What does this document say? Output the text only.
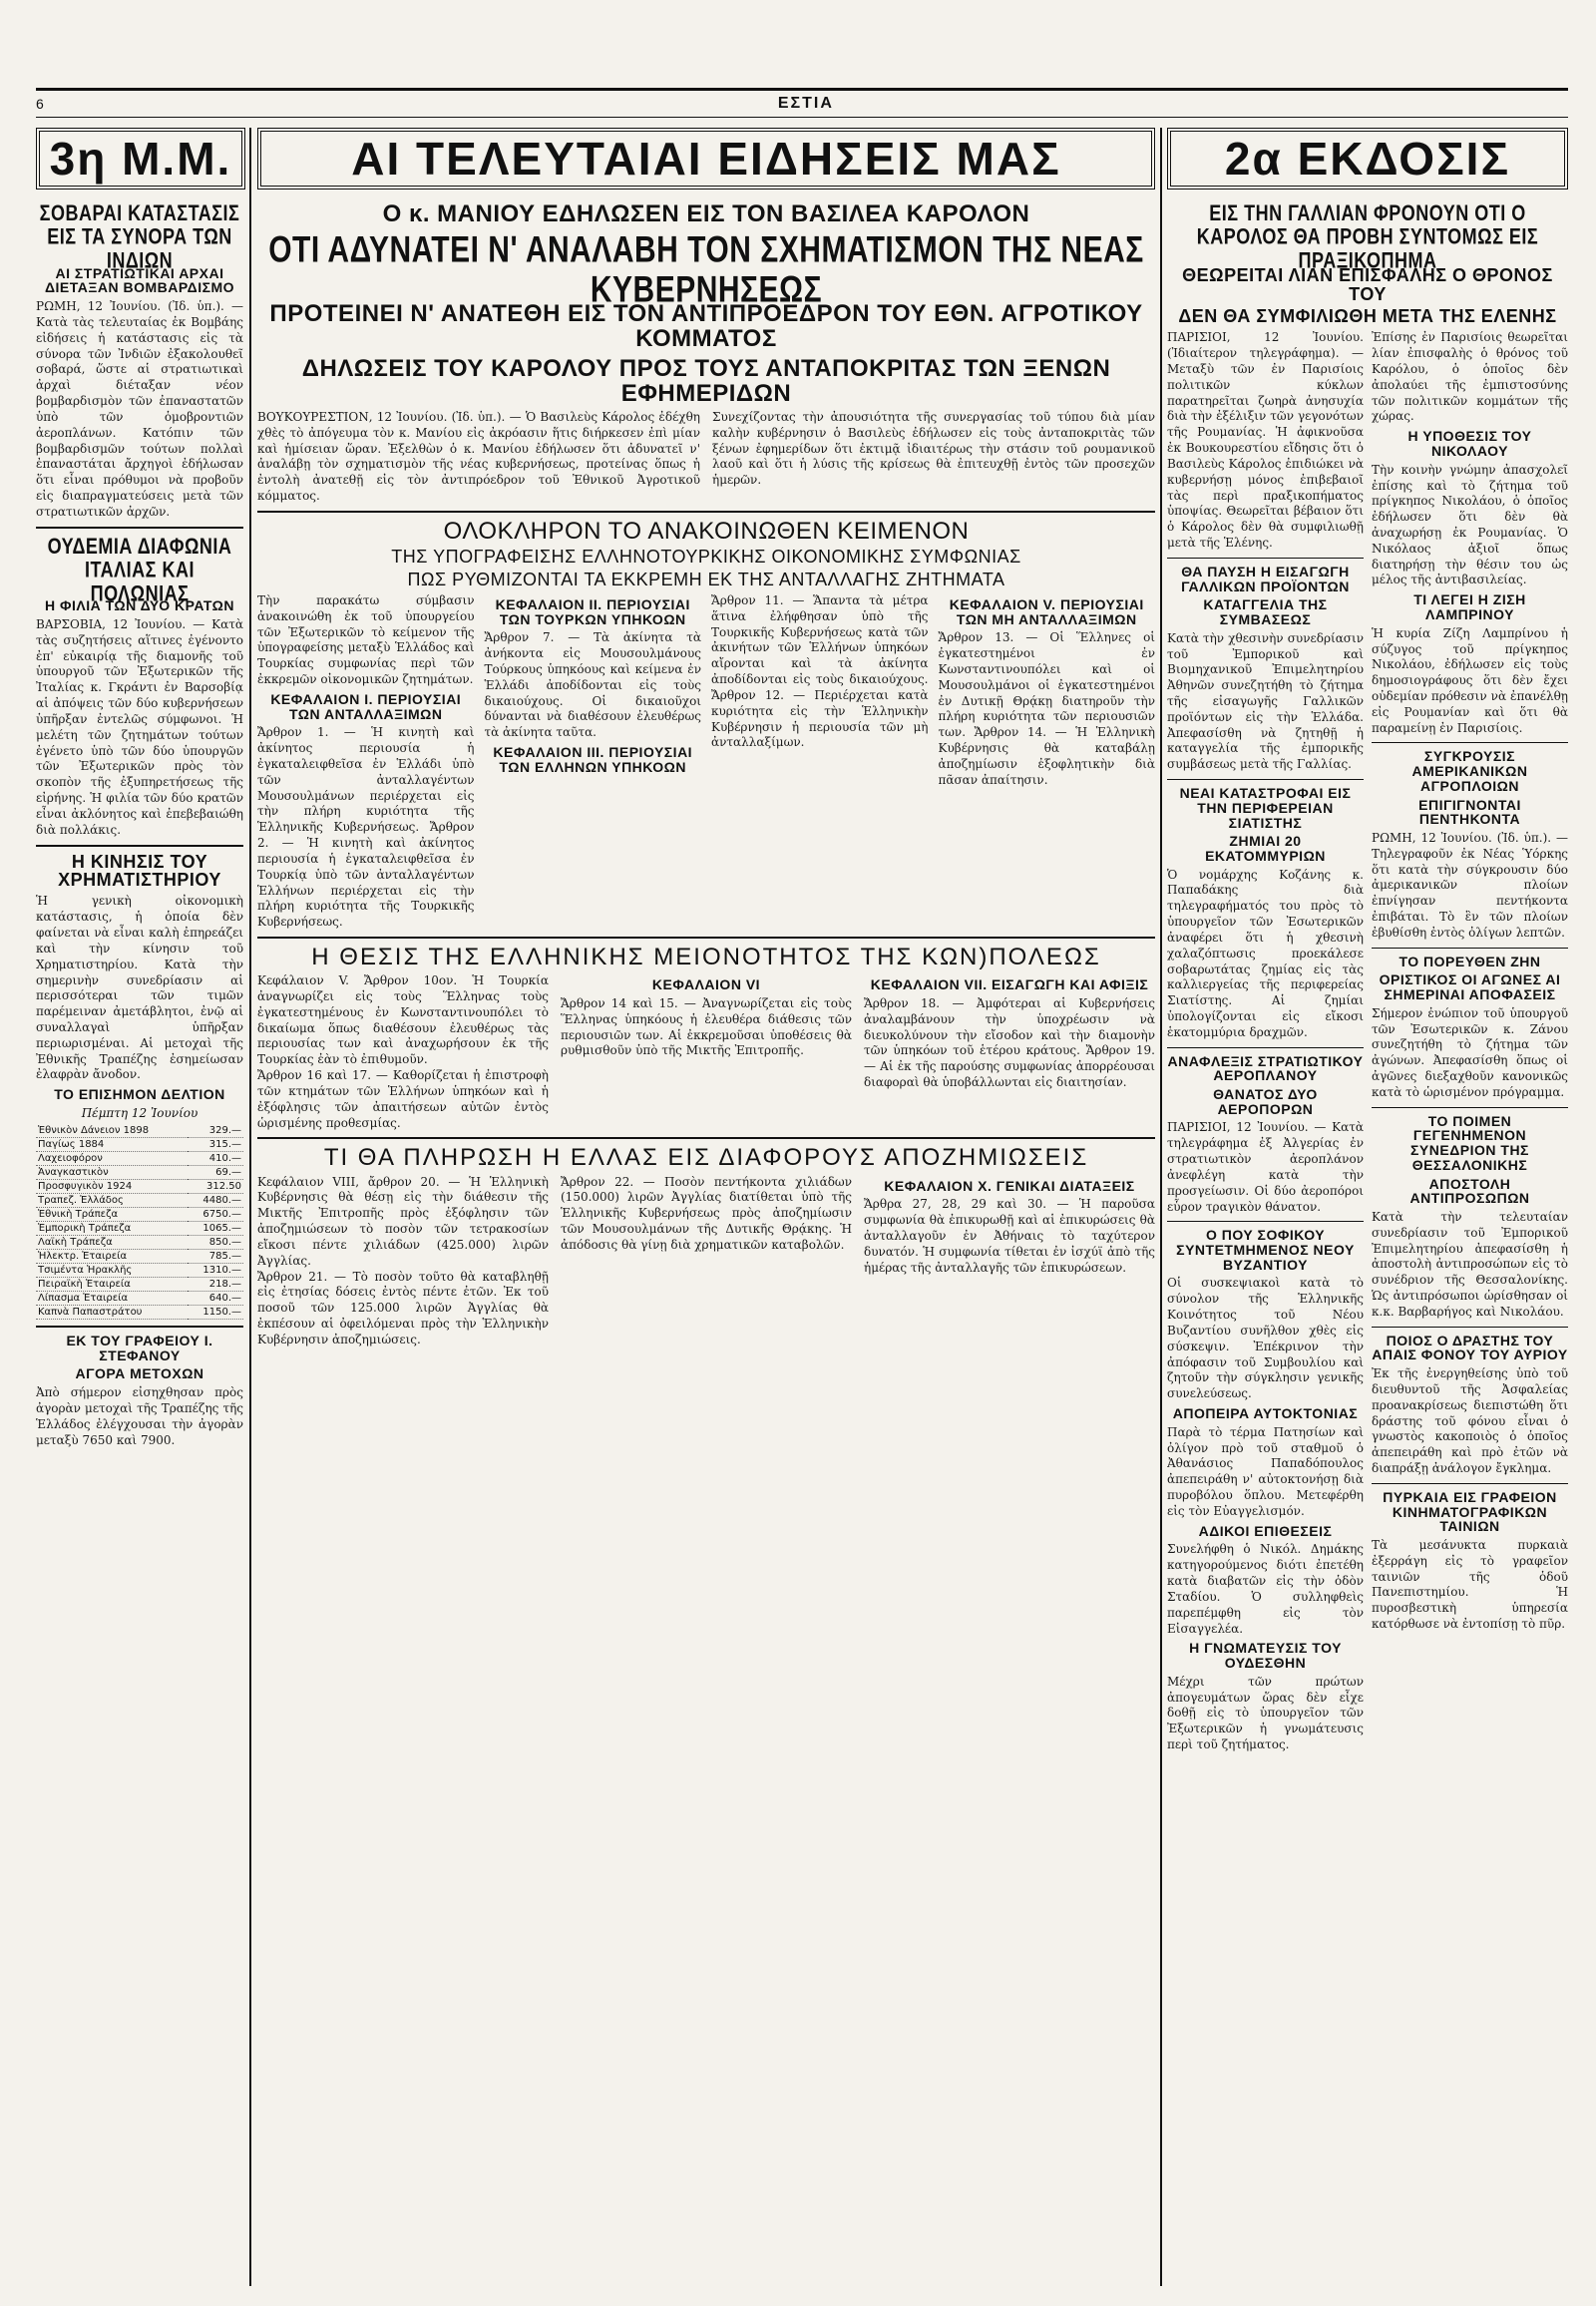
6	ΕΣΤΙΑ
3η Μ.Μ.	ΑΙ ΤΕΛΕΥΤΑΙΑΙ ΕΙΔΗΣΕΙΣ ΜΑΣ	2α ΕΚΔΟΣΙΣ
ΣΟΒΑΡΑΙ ΚΑΤΑΣΤΑΣΙΣ ΕΙΣ ΤΑ ΣΥΝΟΡΑ ΤΩΝ ΙΝΔΙΩΝ
ΑΙ ΣΤΡΑΤΙΩΤΙΚΑΙ ΑΡΧΑΙ ΔΙΕΤΑΞΑΝ ΒΟΜΒΑΡΔΙΣΜΟ

ΡΩΜΗ, 12 Ἰουνίου. (Ἰδ. ὑπ.). — Κατὰ τὰς τελευταίας ἐκ Βομβάης εἰδήσεις ἡ κατάστασις εἰς τὰ σύνορα τῶν Ἰνδιῶν ἐξακολουθεῖ σοβαρά, ὥστε αἱ στρατιωτικαὶ ἀρχαὶ διέταξαν νέον βομβαρδισμὸν τῶν ἐπαναστατῶν ὑπὸ τῶν ὁμοβροντιῶν ἀεροπλάνων. Κατόπιν τῶν βομβαρδισμῶν τούτων πολλαὶ ἐπαναστάται ἄρχηγοὶ ἐδήλωσαν ὅτι εἶναι πρόθυμοι νὰ προβοῦν εἰς διαπραγματεύσεις μετὰ τῶν στρατιωτικῶν ἀρχῶν.

ΟΥΔΕΜΙΑ ΔΙΑΦΩΝΙΑ ΙΤΑΛΙΑΣ ΚΑΙ ΠΟΛΩΝΙΑΣ
Η ΦΙΛΙΑ ΤΩΝ ΔΥΟ ΚΡΑΤΩΝ

ΒΑΡΣΟΒΙΑ, 12 Ἰουνίου. — Κατὰ τὰς συζητήσεις αἵτινες ἐγένοντο ἐπ' εὐκαιρίᾳ τῆς διαμονῆς τοῦ ὑπουργοῦ τῶν Ἐξωτερικῶν τῆς Ἰταλίας κ. Γκράντι ἐν Βαρσοβίᾳ αἱ ἀπόψεις τῶν δύο κυβερνήσεων ὑπῆρξαν ἐντελῶς σύμφωνοι. Ἡ μελέτη τῶν ζητημάτων τούτων ἐγένετο ὑπὸ τῶν δύο ὑπουργῶν τῶν Ἐξωτερικῶν πρὸς τὸν σκοπὸν τῆς ἐξυπηρετήσεως τῆς εἰρήνης. Ἡ φιλία τῶν δύο κρατῶν εἶναι ἀκλόνητος καὶ ἐπεβεβαιώθη διὰ πολλάκις.

Η ΚΙΝΗΣΙΣ ΤΟΥ ΧΡΗΜΑΤΙΣΤΗΡΙΟΥ

Ἡ γενικὴ οἰκονομικὴ κατάστασις, ἡ ὁποία δὲν φαίνεται νὰ εἶναι καλὴ ἐπηρεάζει καὶ τὴν κίνησιν τοῦ Χρηματιστηρίου. Κατὰ τὴν σημερινὴν συνεδρίασιν αἱ περισσότεραι τῶν τιμῶν παρέμειναν ἀμετάβλητοι, ἐνῷ αἱ συναλλαγαὶ ὑπῆρξαν περιωρισμέναι. Αἱ μετοχαὶ τῆς Ἐθνικῆς Τραπέζης ἐσημείωσαν ἐλαφρὰν ἄνοδον.

ΤΟ ΕΠΙΣΗΜΟΝ ΔΕΛΤΙΟΝ
Πέμπτη 12 Ἰουνίου
Ἐθνικὸν Δάνειον 1898	329.—
Παγίως 1884	315.—
Λαχειοφόρον	410.—
Ἀναγκαστικὸν	69.—
Προσφυγικὸν 1924	312.50
Τραπεζ. Ἑλλάδος	4480.—
Ἐθνικὴ Τράπεζα	6750.—
Ἐμπορικὴ Τράπεζα	1065.—
Λαϊκὴ Τράπεζα	850.—
Ἠλεκτρ. Ἑταιρεία	785.—
Τσιμέντα Ἡρακλῆς	1310.—
Πειραϊκὴ Ἑταιρεία	218.—
Λίπασμα Ἑταιρεία	640.—
Καπνὰ Παπαστράτου	1150.—
ΕΚ ΤΟΥ ΓΡΑΦΕΙΟΥ Ι. ΣΤΕΦΑΝΟΥ
ΑΓΟΡΑ ΜΕΤΟΧΩΝ

Ἀπὸ σήμερον εἰσηχθησαν πρὸς ἀγορὰν μετοχαὶ τῆς Τραπέζης τῆς Ἑλλάδος ἐλέγχουσαι τὴν ἀγορὰν μεταξὺ 7650 καὶ 7900.

Ο κ. ΜΑΝΙΟΥ ΕΔΗΛΩΣΕΝ ΕΙΣ ΤΟΝ ΒΑΣΙΛΕΑ ΚΑΡΟΛΟΝ
ΟΤΙ ΑΔΥΝΑΤΕΙ Ν' ΑΝΑΛΑΒΗ ΤΟΝ ΣΧΗΜΑΤΙΣΜΟΝ ΤΗΣ ΝΕΑΣ ΚΥΒΕΡΝΗΣΕΩΣ
ΠΡΟΤΕΙΝΕΙ Ν' ΑΝΑΤΕΘΗ ΕΙΣ ΤΟΝ ΑΝΤΙΠΡΟΕΔΡΟΝ ΤΟΥ ΕΘΝ. ΑΓΡΟΤΙΚΟΥ ΚΟΜΜΑΤΟΣ
ΔΗΛΩΣΕΙΣ ΤΟΥ ΚΑΡΟΛΟΥ ΠΡΟΣ ΤΟΥΣ ΑΝΤΑΠΟΚΡΙΤΑΣ ΤΩΝ ΞΕΝΩΝ ΕΦΗΜΕΡΙΔΩΝ

ΒΟΥΚΟΥΡΕΣΤΙΟΝ, 12 Ἰουνίου. (Ἰδ. ὑπ.). — Ὁ Βασιλεὺς Κάρολος ἐδέχθη χθὲς τὸ ἀπόγευμα τὸν κ. Μανίου εἰς ἀκρόασιν ἥτις διήρκεσεν ἐπὶ μίαν καὶ ἡμίσειαν ὥραν. Ἐξελθὼν ὁ κ. Μανίου ἐδήλωσεν ὅτι ἀδυνατεῖ ν' ἀναλάβῃ τὸν σχηματισμὸν τῆς νέας κυβερνήσεως, προτείνας ὅπως ἡ ἐντολὴ ἀνατεθῇ εἰς τὸν ἀντιπρόεδρον τοῦ Ἐθνικοῦ Ἀγροτικοῦ κόμματος.

Συνεχίζοντας τὴν ἀπουσιότητα τῆς συνεργασίας τοῦ τύπου διὰ μίαν καλὴν κυβέρνησιν ὁ Βασιλεὺς ἐδήλωσεν εἰς τοὺς ἀνταποκριτὰς τῶν ξένων ἐφημερίδων ὅτι ἐκτιμᾷ ἰδιαιτέρως τὴν στάσιν τοῦ ρουμανικοῦ λαοῦ καὶ ὅτι ἡ λύσις τῆς κρίσεως θὰ ἐπιτευχθῇ ἐντὸς τῶν προσεχῶν ἡμερῶν.

ΟΛΟΚΛΗΡΟΝ ΤΟ ΑΝΑΚΟΙΝΩΘΕΝ ΚΕΙΜΕΝΟΝ
ΤΗΣ ΥΠΟΓΡΑΦΕΙΣΗΣ ΕΛΛΗΝΟΤΟΥΡΚΙΚΗΣ ΟΙΚΟΝΟΜΙΚΗΣ ΣΥΜΦΩΝΙΑΣ
ΠΩΣ ΡΥΘΜΙΖΟΝΤΑΙ ΤΑ ΕΚΚΡΕΜΗ ΕΚ ΤΗΣ ΑΝΤΑΛΛΑΓΗΣ ΖΗΤΗΜΑΤΑ

Τὴν παρακάτω σύμβασιν ἀνακοινώθη ἐκ τοῦ ὑπουργείου τῶν Ἐξωτερικῶν τὸ κείμενον τῆς ὑπογραφείσης μεταξὺ Ἑλλάδος καὶ Τουρκίας συμφωνίας περὶ τῶν ἐκκρεμῶν οἰκονομικῶν ζητημάτων.

ΚΕΦΑΛΑΙΟΝ Ι. ΠΕΡΙΟΥΣΙΑΙ ΤΩΝ ΑΝΤΑΛΛΑΞΙΜΩΝ

Ἄρθρον 1. — Ἡ κινητὴ καὶ ἀκίνητος περιουσία ἡ ἐγκαταλειφθεῖσα ἐν Ἑλλάδι ὑπὸ τῶν ἀνταλλαγέντων Μουσουλμάνων περιέρχεται εἰς τὴν πλήρη κυριότητα τῆς Ἑλληνικῆς Κυβερνήσεως. Ἄρθρον 2. — Ἡ κινητὴ καὶ ἀκίνητος περιουσία ἡ ἐγκαταλειφθεῖσα ἐν Τουρκίᾳ ὑπὸ τῶν ἀνταλλαγέντων Ἑλλήνων περιέρχεται εἰς τὴν πλήρη κυριότητα τῆς Τουρκικῆς Κυβερνήσεως.

ΚΕΦΑΛΑΙΟΝ ΙΙ. ΠΕΡΙΟΥΣΙΑΙ ΤΩΝ ΤΟΥΡΚΩΝ ΥΠΗΚΟΩΝ

Ἄρθρον 7. — Τὰ ἀκίνητα τὰ ἀνήκοντα εἰς Μουσουλμάνους Τούρκους ὑπηκόους καὶ κείμενα ἐν Ἑλλάδι ἀποδίδονται εἰς τοὺς δικαιούχους. Οἱ δικαιοῦχοι δύνανται νὰ διαθέσουν ἐλευθέρως τὰ ἀκίνητα ταῦτα.

ΚΕΦΑΛΑΙΟΝ ΙΙΙ. ΠΕΡΙΟΥΣΙΑΙ ΤΩΝ ΕΛΛΗΝΩΝ ΥΠΗΚΟΩΝ

Ἄρθρον 11. — Ἅπαντα τὰ μέτρα ἅτινα ἐλήφθησαν ὑπὸ τῆς Τουρκικῆς Κυβερνήσεως κατὰ τῶν ἀκινήτων τῶν Ἑλλήνων ὑπηκόων αἴρονται καὶ τὰ ἀκίνητα ἀποδίδονται εἰς τοὺς δικαιούχους. Ἄρθρον 12. — Περιέρχεται κατὰ κυριότητα εἰς τὴν Ἑλληνικὴν Κυβέρνησιν ἡ περιουσία τῶν μὴ ἀνταλλαξίμων.

ΚΕΦΑΛΑΙΟΝ V. ΠΕΡΙΟΥΣΙΑΙ ΤΩΝ ΜΗ ΑΝΤΑΛΛΑΞΙΜΩΝ

Ἄρθρον 13. — Οἱ Ἕλληνες οἱ ἐγκατεστημένοι ἐν Κωνσταντινουπόλει καὶ οἱ Μουσουλμάνοι οἱ ἐγκατεστημένοι ἐν Δυτικῇ Θρᾴκῃ διατηροῦν τὴν πλήρη κυριότητα τῶν περιουσιῶν των. Ἄρθρον 14. — Ἡ Ἑλληνικὴ Κυβέρνησις θὰ καταβάλῃ ἀποζημίωσιν ἐξοφλητικὴν διὰ πᾶσαν ἀπαίτησιν.

Η ΘΕΣΙΣ ΤΗΣ ΕΛΛΗΝΙΚΗΣ ΜΕΙΟΝΟΤΗΤΟΣ ΤΗΣ ΚΩΝ)ΠΟΛΕΩΣ

Κεφάλαιον V. Ἄρθρον 10ον. Ἡ Τουρκία ἀναγνωρίζει εἰς τοὺς Ἕλληνας τοὺς ἐγκατεστημένους ἐν Κωνσταντινουπόλει τὸ δικαίωμα ὅπως διαθέσουν ἐλευθέρως τὰς περιουσίας των καὶ ἀναχωρήσουν ἐκ τῆς Τουρκίας ἐὰν τὸ ἐπιθυμοῦν.

Ἄρθρον 16 καὶ 17. — Καθορίζεται ἡ ἐπιστροφὴ τῶν κτημάτων τῶν Ἑλλήνων ὑπηκόων καὶ ἡ ἐξόφλησις τῶν ἀπαιτήσεων αὐτῶν ἐντὸς ὡρισμένης προθεσμίας.

ΚΕΦΑΛΑΙΟΝ VI

Ἄρθρον 14 καὶ 15. — Ἀναγνωρίζεται εἰς τοὺς Ἕλληνας ὑπηκόους ἡ ἐλευθέρα διάθεσις τῶν περιουσιῶν των. Αἱ ἐκκρεμοῦσαι ὑποθέσεις θὰ ρυθμισθοῦν ὑπὸ τῆς Μικτῆς Ἐπιτροπῆς.

ΚΕΦΑΛΑΙΟΝ VII. ΕΙΣΑΓΩΓΗ ΚΑΙ ΑΦΙΞΙΣ

Ἄρθρον 18. — Ἀμφότεραι αἱ Κυβερνήσεις ἀναλαμβάνουν τὴν ὑποχρέωσιν νὰ διευκολύνουν τὴν εἴσοδον καὶ τὴν διαμονὴν τῶν ὑπηκόων τοῦ ἑτέρου κράτους. Ἄρθρον 19. — Αἱ ἐκ τῆς παρούσης συμφωνίας ἀπορρέουσαι διαφοραὶ θὰ ὑποβάλλωνται εἰς διαιτησίαν.

ΤΙ ΘΑ ΠΛΗΡΩΣΗ Η ΕΛΛΑΣ ΕΙΣ ΔΙΑΦΟΡΟΥΣ ΑΠΟΖΗΜΙΩΣΕΙΣ

Κεφάλαιον VIII, ἄρθρον 20. — Ἡ Ἑλληνικὴ Κυβέρνησις θὰ θέσῃ εἰς τὴν διάθεσιν τῆς Μικτῆς Ἐπιτροπῆς πρὸς ἐξόφλησιν τῶν ἀποζημιώσεων τὸ ποσὸν τῶν τετρακοσίων εἴκοσι πέντε χιλιάδων (425.000) λιρῶν Ἀγγλίας.

Ἄρθρον 21. — Τὸ ποσὸν τοῦτο θὰ καταβληθῇ εἰς ἐτησίας δόσεις ἐντὸς πέντε ἐτῶν. Ἐκ τοῦ ποσοῦ τῶν 125.000 λιρῶν Ἀγγλίας θὰ ἐκπέσουν αἱ ὀφειλόμεναι πρὸς τὴν Ἑλληνικὴν Κυβέρνησιν ἀποζημιώσεις.

Ἄρθρον 22. — Ποσὸν πεντήκοντα χιλιάδων (150.000) λιρῶν Ἀγγλίας διατίθεται ὑπὸ τῆς Ἑλληνικῆς Κυβερνήσεως πρὸς ἀποζημίωσιν τῶν Μουσουλμάνων τῆς Δυτικῆς Θρᾴκης. Ἡ ἀπόδοσις θὰ γίνῃ διὰ χρηματικῶν καταβολῶν.

ΚΕΦΑΛΑΙΟΝ Χ. ΓΕΝΙΚΑΙ ΔΙΑΤΑΞΕΙΣ

Ἄρθρα 27, 28, 29 καὶ 30. — Ἡ παροῦσα συμφωνία θὰ ἐπικυρωθῇ καὶ αἱ ἐπικυρώσεις θὰ ἀνταλλαγοῦν ἐν Ἀθήναις τὸ ταχύτερον δυνατόν. Ἡ συμφωνία τίθεται ἐν ἰσχύϊ ἀπὸ τῆς ἡμέρας τῆς ἀνταλλαγῆς τῶν ἐπικυρώσεων.

ΕΙΣ ΤΗΝ ΓΑΛΛΙΑΝ ΦΡΟΝΟΥΝ ΟΤΙ Ο ΚΑΡΟΛΟΣ ΘΑ ΠΡΟΒΗ ΣΥΝΤΟΜΩΣ ΕΙΣ ΠΡΑΞΙΚΟΠΗΜΑ
ΘΕΩΡΕΙΤΑΙ ΛΙΑΝ ΕΠΙΣΦΑΛΗΣ Ο ΘΡΟΝΟΣ ΤΟΥ
ΔΕΝ ΘΑ ΣΥΜΦΙΛΙΩΘΗ ΜΕΤΑ ΤΗΣ ΕΛΕΝΗΣ

ΠΑΡΙΣΙΟΙ, 12 Ἰουνίου. (Ἰδιαίτερον τηλεγράφημα). — Μεταξὺ τῶν ἐν Παρισίοις πολιτικῶν κύκλων παρατηρεῖται ζωηρὰ ἀνησυχία διὰ τὴν ἐξέλιξιν τῶν γεγονότων τῆς Ρουμανίας. Ἡ ἀφικνοῦσα ἐκ Βουκουρεστίου εἴδησις ὅτι ὁ Βασιλεὺς Κάρολος ἐπιδιώκει νὰ κυβερνήσῃ μόνος ἐπιβεβαιοῖ τὰς περὶ πραξικοπήματος ὑποψίας. Θεωρεῖται βέβαιον ὅτι ὁ Κάρολος δὲν θὰ συμφιλιωθῇ μετὰ τῆς Ἑλένης.

ΘΑ ΠΑΥΣΗ Η ΕΙΣΑΓΩΓΗ ΓΑΛΛΙΚΩΝ ΠΡΟΪΟΝΤΩΝ
ΚΑΤΑΓΓΕΛΙΑ ΤΗΣ ΣΥΜΒΑΣΕΩΣ

Κατὰ τὴν χθεσινὴν συνεδρίασιν τοῦ Ἐμπορικοῦ καὶ Βιομηχανικοῦ Ἐπιμελητηρίου Ἀθηνῶν συνεζητήθη τὸ ζήτημα τῆς εἰσαγωγῆς Γαλλικῶν προϊόντων εἰς τὴν Ἑλλάδα. Ἀπεφασίσθη νὰ ζητηθῇ ἡ καταγγελία τῆς ἐμπορικῆς συμβάσεως μετὰ τῆς Γαλλίας.

ΝΕΑΙ ΚΑΤΑΣΤΡΟΦΑΙ ΕΙΣ ΤΗΝ ΠΕΡΙΦΕΡΕΙΑΝ ΣΙΑΤΙΣΤΗΣ
ΖΗΜΙΑΙ 20 ΕΚΑΤΟΜΜΥΡΙΩΝ

Ὁ νομάρχης Κοζάνης κ. Παπαδάκης διὰ τηλεγραφήματός του πρὸς τὸ ὑπουργεῖον τῶν Ἐσωτερικῶν ἀναφέρει ὅτι ἡ χθεσινὴ χαλαζόπτωσις προεκάλεσε σοβαρωτάτας ζημίας εἰς τὰς καλλιεργείας τῆς περιφερείας Σιατίστης. Αἱ ζημίαι ὑπολογίζονται εἰς εἴκοσι ἑκατομμύρια δραχμῶν.

ΑΝΑΦΛΕΞΙΣ ΣΤΡΑΤΙΩΤΙΚΟΥ ΑΕΡΟΠΛΑΝΟΥ
ΘΑΝΑΤΟΣ ΔΥΟ ΑΕΡΟΠΟΡΩΝ

ΠΑΡΙΣΙΟΙ, 12 Ἰουνίου. — Κατὰ τηλεγράφημα ἐξ Ἀλγερίας ἐν στρατιωτικὸν ἀεροπλάνον ἀνεφλέγη κατὰ τὴν προσγείωσιν. Οἱ δύο ἀεροπόροι εὗρον τραγικὸν θάνατον.

Ο ΠΟΥ ΣΟΦΙΚΟΥ ΣΥΝΤΕΤΜΗΜΕΝΟΣ ΝΕΟΥ ΒΥΖΑΝΤΙΟΥ

Οἱ συσκεψιακοὶ κατὰ τὸ σύνολον τῆς Ἑλληνικῆς Κοινότητος τοῦ Νέου Βυζαντίου συνῆλθον χθὲς εἰς σύσκεψιν. Ἐπέκρινον τὴν ἀπόφασιν τοῦ Συμβουλίου καὶ ζητοῦν τὴν σύγκλησιν γενικῆς συνελεύσεως.

ΑΠΟΠΕΙΡΑ ΑΥΤΟΚΤΟΝΙΑΣ

Παρὰ τὸ τέρμα Πατησίων καὶ ὀλίγον πρὸ τοῦ σταθμοῦ ὁ Ἀθανάσιος Παπαδόπουλος ἀπεπειράθη ν' αὐτοκτονήσῃ διὰ πυροβόλου ὅπλου. Μετεφέρθη εἰς τὸν Εὐαγγελισμόν.

ΑΔΙΚΟΙ ΕΠΙΘΕΣΕΙΣ

Συνελήφθη ὁ Νικόλ. Δημάκης κατηγορούμενος διότι ἐπετέθη κατὰ διαβατῶν εἰς τὴν ὁδὸν Σταδίου. Ὁ συλληφθεὶς παρεπέμφθη εἰς τὸν Εἰσαγγελέα.

Η ΓΝΩΜΑΤΕΥΣΙΣ ΤΟΥ ΟΥΔΕΣΘΗΝ

Μέχρι τῶν πρώτων ἀπογευμάτων ὥρας δὲν εἶχε δοθῇ εἰς τὸ ὑπουργεῖον τῶν Ἐξωτερικῶν ἡ γνωμάτευσις περὶ τοῦ ζητήματος.

Ἐπίσης ἐν Παρισίοις θεωρεῖται λίαν ἐπισφαλὴς ὁ θρόνος τοῦ Καρόλου, ὁ ὁποῖος δὲν ἀπολαύει τῆς ἐμπιστοσύνης τῶν πολιτικῶν κομμάτων τῆς χώρας.

Η ΥΠΟΘΕΣΙΣ ΤΟΥ ΝΙΚΟΛΑΟΥ

Τὴν κοινὴν γνώμην ἀπασχολεῖ ἐπίσης καὶ τὸ ζήτημα τοῦ πρίγκηπος Νικολάου, ὁ ὁποῖος ἐδήλωσεν ὅτι δὲν θὰ ἀναχωρήσῃ ἐκ Ρουμανίας. Ὁ Νικόλαος ἀξιοῖ ὅπως διατηρήσῃ τὴν θέσιν του ὡς μέλος τῆς ἀντιβασιλείας.

ΤΙ ΛΕΓΕΙ Η ΖΙΣΗ ΛΑΜΠΡΙΝΟΥ

Ἡ κυρία Ζίζη Λαμπρίνου ἡ σύζυγος τοῦ πρίγκηπος Νικολάου, ἐδήλωσεν εἰς τοὺς δημοσιογράφους ὅτι δὲν ἔχει οὐδεμίαν πρόθεσιν νὰ ἐπανέλθῃ εἰς Ρουμανίαν καὶ ὅτι θὰ παραμείνῃ ἐν Παρισίοις.

ΣΥΓΚΡΟΥΣΙΣ ΑΜΕΡΙΚΑΝΙΚΩΝ ΑΓΡΟΠΛΟΙΩΝ
ΕΠΙΓΙΓΝΟΝΤΑΙ ΠΕΝΤΗΚΟΝΤΑ

ΡΩΜΗ, 12 Ἰουνίου. (Ἰδ. ὑπ.). — Τηλεγραφοῦν ἐκ Νέας Ὑόρκης ὅτι κατὰ τὴν σύγκρουσιν δύο ἀμερικανικῶν πλοίων ἐπνίγησαν πεντήκοντα ἐπιβάται. Τὸ ἓν τῶν πλοίων ἐβυθίσθη ἐντὸς ὀλίγων λεπτῶν.

ΤΟ ΠΟΡΕΥΘΕΝ ΖΗΝ
ΟΡΙΣΤΙΚΟΣ ΟΙ ΑΓΩΝΕΣ ΑΙ ΣΗΜΕΡΙΝΑΙ ΑΠΟΦΑΣΕΙΣ

Σήμερον ἐνώπιον τοῦ ὑπουργοῦ τῶν Ἐσωτερικῶν κ. Ζάνου συνεζητήθη τὸ ζήτημα τῶν ἀγώνων. Ἀπεφασίσθη ὅπως οἱ ἀγῶνες διεξαχθοῦν κανονικῶς κατὰ τὸ ὡρισμένον πρόγραμμα.

ΤΟ ΠΟΙΜΕΝ ΓΕΓΕΝΗΜΕΝΟΝ ΣΥΝΕΔΡΙΟΝ ΤΗΣ ΘΕΣΣΑΛΟΝΙΚΗΣ
ΑΠΟΣΤΟΛΗ ΑΝΤΙΠΡΟΣΩΠΩΝ

Κατὰ τὴν τελευταίαν συνεδρίασιν τοῦ Ἐμπορικοῦ Ἐπιμελητηρίου ἀπεφασίσθη ἡ ἀποστολὴ ἀντιπροσώπων εἰς τὸ συνέδριον τῆς Θεσσαλονίκης. Ὡς ἀντιπρόσωποι ὡρίσθησαν οἱ κ.κ. Βαρβαρήγος καὶ Νικολάου.

ΠΟΙΟΣ Ο ΔΡΑΣΤΗΣ ΤΟΥ ΑΠΑΙΣ ΦΟΝΟΥ ΤΟΥ ΑΥΡΙΟΥ

Ἐκ τῆς ἐνεργηθείσης ὑπὸ τοῦ διευθυντοῦ τῆς Ἀσφαλείας προανακρίσεως διεπιστώθη ὅτι δράστης τοῦ φόνου εἶναι ὁ γνωστὸς κακοποιὸς ὁ ὁποῖος ἀπεπειράθη καὶ πρὸ ἐτῶν νὰ διαπράξῃ ἀνάλογον ἔγκλημα.

ΠΥΡΚΑΙΑ ΕΙΣ ΓΡΑΦΕΙΟΝ ΚΙΝΗΜΑΤΟΓΡΑΦΙΚΩΝ ΤΑΙΝΙΩΝ

Τὰ μεσάνυκτα πυρκαιὰ ἐξερράγη εἰς τὸ γραφεῖον ταινιῶν τῆς ὁδοῦ Πανεπιστημίου. Ἡ πυροσβεστικὴ ὑπηρεσία κατόρθωσε νὰ ἐντοπίσῃ τὸ πῦρ.
